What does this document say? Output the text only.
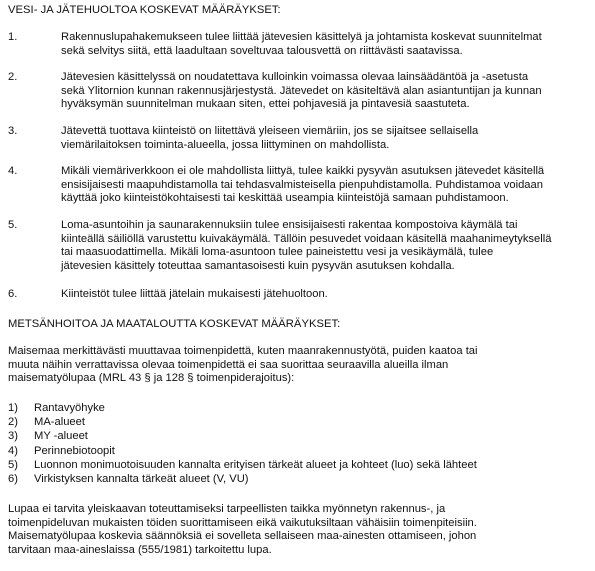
VESI- JA JÄTEHUOLTOA KOSKEVAT MÄÄRÄYKSET:
1.	Rakennuslupahakemukseen tulee liittää jätevesien käsittelyä ja johtamista koskevat suunnitelmat
sekä selvitys siitä, että laadultaan soveltuvaa talousvettä on riittävästi saatavissa.
2.	Jätevesien käsittelyssä on noudatettava kulloinkin voimassa olevaa lainsäädäntöä ja -asetusta
sekä Ylitornion kunnan rakennusjärjestystä. Jätevedet on käsiteltävä alan asiantuntijan ja kunnan
hyväksymän suunnitelman mukaan siten, ettei pohjavesiä ja pintavesiä saastuteta.
3.	Jätevettä tuottava kiinteistö on liitettävä yleiseen viemäriin, jos se sijaitsee sellaisella
viemärilaitoksen toiminta-alueella, jossa liittyminen on mahdollista.
4.	Mikäli viemäriverkkoon ei ole mahdollista liittyä, tulee kaikki pysyvän asutuksen jätevedet käsitellä
ensisijaisesti maapuhdistamolla tai tehdasvalmisteisella pienpuhdistamolla. Puhdistamoa voidaan
käyttää joko kiinteistökohtaisesti tai keskittää useampia kiinteistöjä samaan puhdistamoon.
5.	Loma-asuntoihin ja saunarakennuksiin tulee ensisijaisesti rakentaa kompostoiva käymälä tai
kiinteällä säiliöllä varustettu kuivakäymälä. Tällöin pesuvedet voidaan käsitellä maahanimeytyksellä
tai maasuodattimella. Mikäli loma-asuntoon tulee paineistettu vesi ja vesikäymälä, tulee
jätevesien käsittely toteuttaa samantasoisesti kuin pysyvän asutuksen kohdalla.
6.	Kiinteistöt tulee liittää jätelain mukaisesti jätehuoltoon.
METSÄNHOITOA JA MAATALOUTTA KOSKEVAT MÄÄRÄYKSET:

Maisemaa merkittävästi muuttavaa toimenpidettä, kuten maanrakennustyötä, puiden kaatoa tai
muuta näihin verrattavissa olevaa toimenpidettä ei saa suorittaa seuraavilla alueilla ilman
maisematyölupaa (MRL 43 § ja 128 § toimenpiderajoitus):

1) Rantavyöhyke
2) MA-alueet
3) MY -alueet
4) Perinnebiotoopit
5) Luonnon monimuotoisuuden kannalta erityisen tärkeät alueet ja kohteet (luo) sekä lähteet
6) Virkistyksen kannalta tärkeät alueet (V, VU)

Lupaa ei tarvita yleiskaavan toteuttamiseksi tarpeellisten taikka myönnetyn rakennus-, ja
toimenpideluvan mukaisten töiden suorittamiseen eikä vaikutuksiltaan vähäisiin toimenpiteisiin.
Maisematyölupaa koskevia säännöksiä ei sovelleta sellaiseen maa-ainesten ottamiseen, johon
tarvitaan maa-aineslaissa (555/1981) tarkoitettu lupa.
